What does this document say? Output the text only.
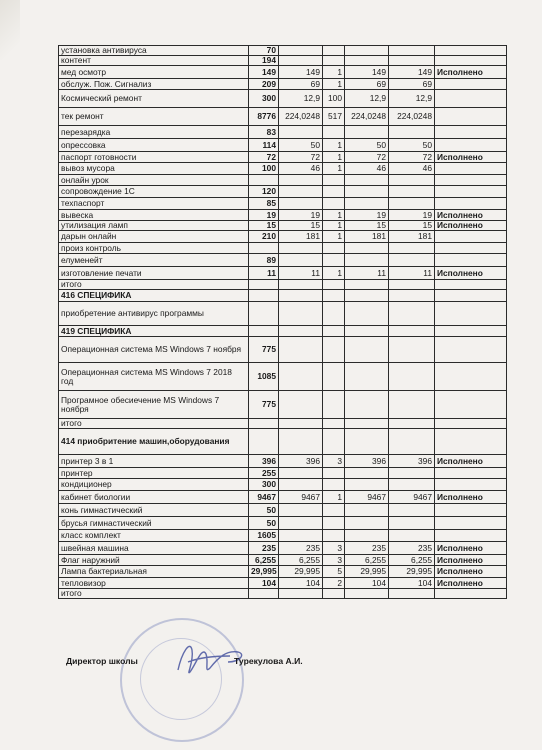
установка антивируса	70					
контент	194					
мед осмотр	149	149	1	149	149	Исполнено
обслуж. Пож. Сигнализ	209	69	1	69	69	
Космический ремонт	300	12,9	100	12,9	12,9	
тек ремонт	8776	224,0248	517	224,0248	224,0248	
перезарядка	83					
опрессовка	114	50	1	50	50	
паспорт готовности	72	72	1	72	72	Исполнено
вывоз мусора	100	46	1	46	46	
онлайн урок						
сопровождение 1С	120					
техпаспорт	85					
вывеска	19	19	1	19	19	Исполнено
утилизация ламп	15	15	1	15	15	Исполнено
дарын онлайн	210	181	1	181	181	
произ контроль						
елуменейт	89					
изготовление печати	11	11	1	11	11	Исполнено
итого						
416 СПЕЦИФИКА						
приобретение антивирус программы						
419 СПЕЦИФИКА						
Операционная система MS Windows 7 ноября	775					
Операционная система MS Windows 7 2018 год	1085					
Програмное обесиечение MS Windows 7 ноября	775					
итого						
414 приобритение машин,оборудования						
принтер 3 в 1	396	396	3	396	396	Исполнено
принтер	255					
кондиционер	300					
кабинет биологии	9467	9467	1	9467	9467	Исполнено
конь гимнастический	50					
брусья гимнастический	50					
класс комплект	1605					
швейная машина	235	235	3	235	235	Исполнено
Флаг наружний	6,255	6,255	3	6,255	6,255	Исполнено
Лампа бактериальная	29,995	29,995	5	29,995	29,995	Исполнено
тепловизор	104	104	2	104	104	Исполнено
итого						
Директор школы	Турекулова А.И.
